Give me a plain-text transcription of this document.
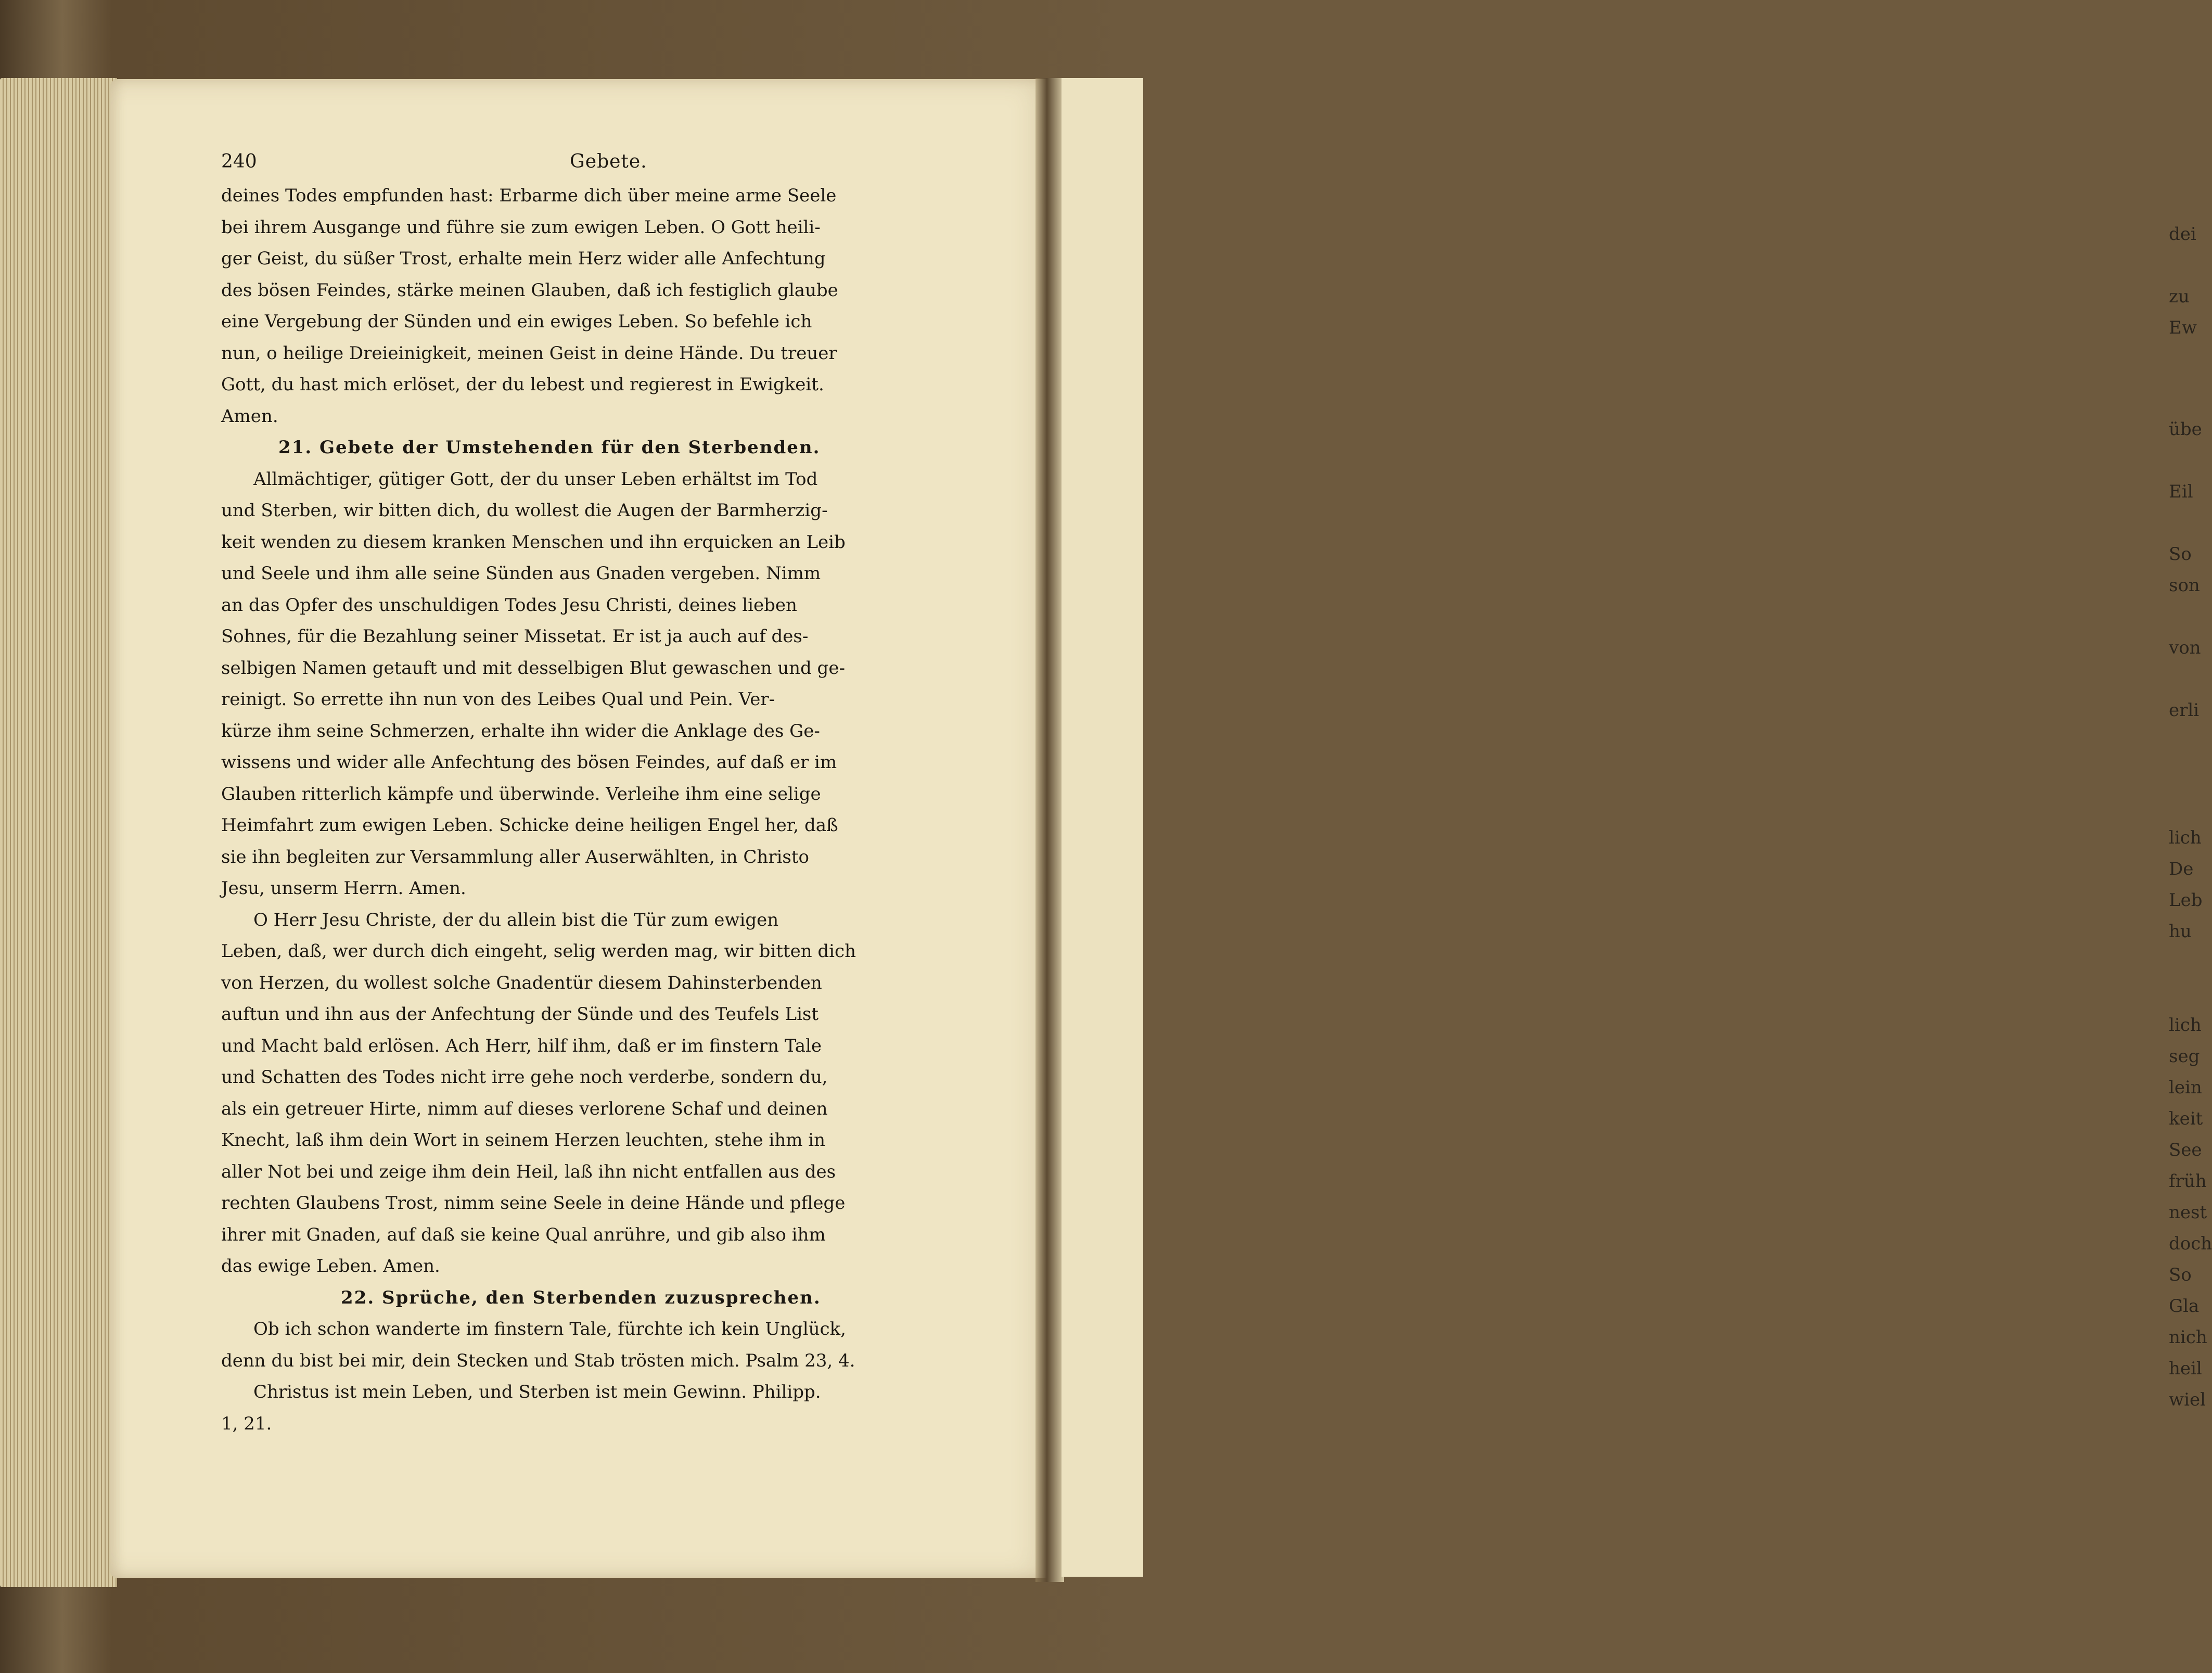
dei

zu

Ew

übe

Eil

So

son

von

erli

lich

De

Leb

hu

lich

seg

lein

keit

See

früh

nest

doch

So

Gla

nich

heil

wiel

240	Gebete.
deines Todes empfunden hast: Erbarme dich über meine arme Seele
bei ihrem Ausgange und führe sie zum ewigen Leben. O Gott heili-
ger Geist, du süßer Trost, erhalte mein Herz wider alle Anfechtung
des bösen Feindes, stärke meinen Glauben, daß ich festiglich glaube
eine Vergebung der Sünden und ein ewiges Leben. So befehle ich
nun, o heilige Dreieinigkeit, meinen Geist in deine Hände. Du treuer
Gott, du hast mich erlöset, der du lebest und regierest in Ewigkeit.
Amen.
21. Gebete der Umstehenden für den Sterbenden.
Allmächtiger, gütiger Gott, der du unser Leben erhältst im Tod
und Sterben, wir bitten dich, du wollest die Augen der Barmherzig-
keit wenden zu diesem kranken Menschen und ihn erquicken an Leib
und Seele und ihm alle seine Sünden aus Gnaden vergeben. Nimm
an das Opfer des unschuldigen Todes Jesu Christi, deines lieben
Sohnes, für die Bezahlung seiner Missetat. Er ist ja auch auf des-
selbigen Namen getauft und mit desselbigen Blut gewaschen und ge-
reinigt. So errette ihn nun von des Leibes Qual und Pein. Ver-
kürze ihm seine Schmerzen, erhalte ihn wider die Anklage des Ge-
wissens und wider alle Anfechtung des bösen Feindes, auf daß er im
Glauben ritterlich kämpfe und überwinde. Verleihe ihm eine selige
Heimfahrt zum ewigen Leben. Schicke deine heiligen Engel her, daß
sie ihn begleiten zur Versammlung aller Auserwählten, in Christo
Jesu, unserm Herrn. Amen.
O Herr Jesu Christe, der du allein bist die Tür zum ewigen
Leben, daß, wer durch dich eingeht, selig werden mag, wir bitten dich
von Herzen, du wollest solche Gnadentür diesem Dahinsterbenden
auftun und ihn aus der Anfechtung der Sünde und des Teufels List
und Macht bald erlösen. Ach Herr, hilf ihm, daß er im finstern Tale
und Schatten des Todes nicht irre gehe noch verderbe, sondern du,
als ein getreuer Hirte, nimm auf dieses verlorene Schaf und deinen
Knecht, laß ihm dein Wort in seinem Herzen leuchten, stehe ihm in
aller Not bei und zeige ihm dein Heil, laß ihn nicht entfallen aus des
rechten Glaubens Trost, nimm seine Seele in deine Hände und pflege
ihrer mit Gnaden, auf daß sie keine Qual anrühre, und gib also ihm
das ewige Leben. Amen.
22. Sprüche, den Sterbenden zuzusprechen.
Ob ich schon wanderte im finstern Tale, fürchte ich kein Unglück,
denn du bist bei mir, dein Stecken und Stab trösten mich. Psalm 23, 4.
Christus ist mein Leben, und Sterben ist mein Gewinn. Philipp.
1, 21.
